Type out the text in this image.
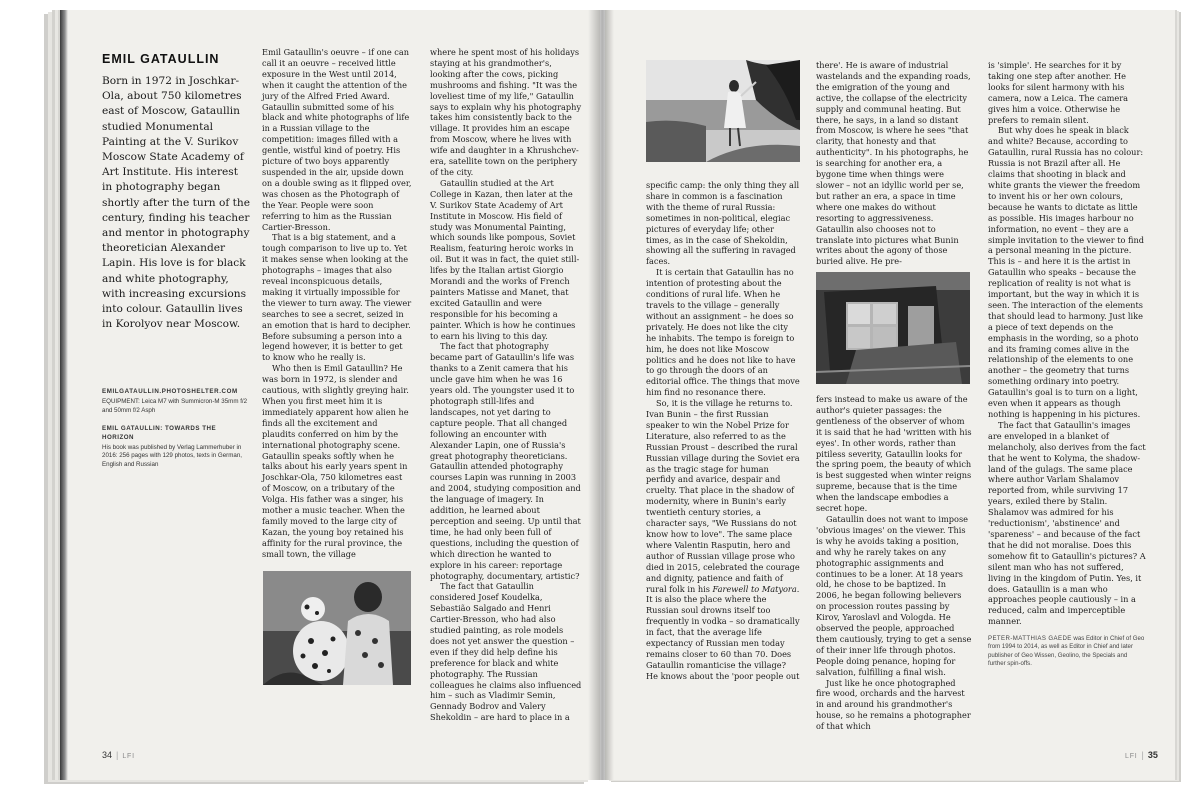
EMIL GATAULLIN

Born in 1972 in Joschkar-Ola, about 750 kilometres east of Moscow, Gataullin studied Monumental Painting at the V. Surikov Moscow State Academy of Art Institute. His interest in photography began shortly after the turn of the century, finding his teacher and mentor in photography theoretician Alexander Lapin. His love is for black and white photography, with increasing excursions into colour. Gataullin lives in Korolyov near Moscow.

EMILGATAULLIN.PHOTOSHELTER.COM

EQUIPMENT: Leica M7 with Summicron-M 35mm f/2 and 50mm f/2 Asph

EMIL GATAULLIN: TOWARDS THE HORIZON

His book was published by Verlag Lammerhuber in 2016: 256 pages with 129 photos, texts in German, English and Russian

Emil Gataullin's oeuvre – if one can call it an oeuvre – received little exposure in the West until 2014, when it caught the attention of the jury of the Alfred Fried Award. Gataullin submitted some of his black and white photographs of life in a Russian village to the competition: images filled with a gentle, wistful kind of poetry. His picture of two boys apparently suspended in the air, upside down on a double swing as it flipped over, was chosen as the Photograph of the Year. People were soon referring to him as the Russian Cartier-Bresson.

That is a big statement, and a tough comparison to live up to. Yet it makes sense when looking at the photographs – images that also reveal inconspicuous details, making it virtually impossible for the viewer to turn away. The viewer searches to see a secret, seized in an emotion that is hard to decipher. Before subsuming a person into a legend however, it is better to get to know who he really is.

Who then is Emil Gataullin? He was born in 1972, is slender and cautious, with slightly greying hair. When you first meet him it is immediately apparent how alien he finds all the excitement and plaudits conferred on him by the international photography scene. Gataullin speaks softly when he talks about his early years spent in Joschkar-Ola, 750 kilometres east of Moscow, on a tributary of the Volga. His father was a singer, his mother a music teacher. When the family moved to the large city of Kazan, the young boy retained his affinity for the rural province, the small town, the village

where he spent most of his holidays staying at his grandmother's, looking after the cows, picking mushrooms and fishing. "It was the loveliest time of my life," Gataullin says to explain why his photography takes him consistently back to the village. It provides him an escape from Moscow, where he lives with wife and daughter in a Khrushchev-era, satellite town on the periphery of the city.

Gataullin studied at the Art College in Kazan, then later at the V. Surikov State Academy of Art Institute in Moscow. His field of study was Monumental Painting, which sounds like pompous, Soviet Realism, featuring heroic works in oil. But it was in fact, the quiet still-lifes by the Italian artist Giorgio Morandi and the works of French painters Matisse and Manet, that excited Gataullin and were responsible for his becoming a painter. Which is how he continues to earn his living to this day.

The fact that photography became part of Gataullin's life was thanks to a Zenit camera that his uncle gave him when he was 16 years old. The youngster used it to photograph still-lifes and landscapes, not yet daring to capture people. That all changed following an encounter with Alexander Lapin, one of Russia's great photography theoreticians. Gataullin attended photography courses Lapin was running in 2003 and 2004, studying composition and the language of imagery. In addition, he learned about perception and seeing. Up until that time, he had only been full of questions, including the question of which direction he wanted to explore in his career: reportage photography, documentary, artistic?

The fact that Gataullin considered Josef Koudelka, Sebastião Salgado and Henri Cartier-Bresson, who had also studied painting, as role models does not yet answer the question – even if they did help define his preference for black and white photography. The Russian colleagues he claims also influenced him – such as Vladimir Semin, Gennady Bodrov and Valery Shekoldin – are hard to place in a

34 | LFI

specific camp: the only thing they all share in common is a fascination with the theme of rural Russia: sometimes in non-political, elegiac pictures of everyday life; other times, as in the case of Shekoldin, showing all the suffering in ravaged faces.

It is certain that Gataullin has no intention of protesting about the conditions of rural life. When he travels to the village – generally without an assignment – he does so privately. He does not like the city he inhabits. The tempo is foreign to him, he does not like Moscow politics and he does not like to have to go through the doors of an editorial office. The things that move him find no resonance there.

So, it is the village he returns to. Ivan Bunin – the first Russian speaker to win the Nobel Prize for Literature, also referred to as the Russian Proust – described the rural Russian village during the Soviet era as the tragic stage for human perfidy and avarice, despair and cruelty. That place in the shadow of modernity, where in Bunin's early twentieth century stories, a character says, "We Russians do not know how to love". The same place where Valentin Rasputin, hero and author of Russian village prose who died in 2015, celebrated the courage and dignity, patience and faith of rural folk in his Farewell to Matyora. It is also the place where the Russian soul drowns itself too frequently in vodka – so dramatically in fact, that the average life expectancy of Russian men today remains closer to 60 than 70. Does Gataullin romanticise the village? He knows about the 'poor people out

there'. He is aware of industrial wastelands and the expanding roads, the emigration of the young and active, the collapse of the electricity supply and communal heating. But there, he says, in a land so distant from Moscow, is where he sees "that clarity, that honesty and that authenticity". In his photographs, he is searching for another era, a bygone time when things were slower – not an idyllic world per se, but rather an era, a space in time where one makes do without resorting to aggressiveness. Gataullin also chooses not to translate into pictures what Bunin writes about the agony of those buried alive. He pre-

fers instead to make us aware of the author's quieter passages: the gentleness of the observer of whom it is said that he had 'written with his eyes'. In other words, rather than pitiless severity, Gataullin looks for the spring poem, the beauty of which is best suggested when winter reigns supreme, because that is the time when the landscape embodies a secret hope.

Gataullin does not want to impose 'obvious images' on the viewer. This is why he avoids taking a position, and why he rarely takes on any photographic assignments and continues to be a loner. At 18 years old, he chose to be baptized. In 2006, he began following believers on procession routes passing by Kirov, Yaroslavl and Vologda. He observed the people, approached them cautiously, trying to get a sense of their inner life through photos. People doing penance, hoping for salvation, fulfilling a final wish.

Just like he once photographed fire wood, orchards and the harvest in and around his grandmother's house, so he remains a photographer of that which

is 'simple'. He searches for it by taking one step after another. He looks for silent harmony with his camera, now a Leica. The camera gives him a voice. Otherwise he prefers to remain silent.

But why does he speak in black and white? Because, according to Gataullin, rural Russia has no colour: Russia is not Brazil after all. He claims that shooting in black and white grants the viewer the freedom to invent his or her own colours, because he wants to dictate as little as possible. His images harbour no information, no event – they are a simple invitation to the viewer to find a personal meaning in the picture. This is – and here it is the artist in Gataullin who speaks – because the replication of reality is not what is important, but the way in which it is seen. The interaction of the elements that should lead to harmony. Just like a piece of text depends on the emphasis in the wording, so a photo and its framing comes alive in the relationship of the elements to one another – the geometry that turns something ordinary into poetry. Gataullin's goal is to turn on a light, even when it appears as though nothing is happening in his pictures.

The fact that Gataullin's images are enveloped in a blanket of melancholy, also derives from the fact that he went to Kolyma, the shadow-land of the gulags. The same place where author Varlam Shalamov reported from, while surviving 17 years, exiled there by Stalin. Shalamov was admired for his 'reductionism', 'abstinence' and 'spareness' – and because of the fact that he did not moralise. Does this somehow fit to Gataullin's pictures? A silent man who has not suffered, living in the kingdom of Putin. Yes, it does. Gataullin is a man who approaches people cautiously – in a reduced, calm and imperceptible manner.

PETER-MATTHIAS GAEDE was Editor in Chief of Geo from 1994 to 2014, as well as Editor in Chief and later publisher of Geo Wissen, Geolino, the Specials and further spin-offs.

LFI | 35
